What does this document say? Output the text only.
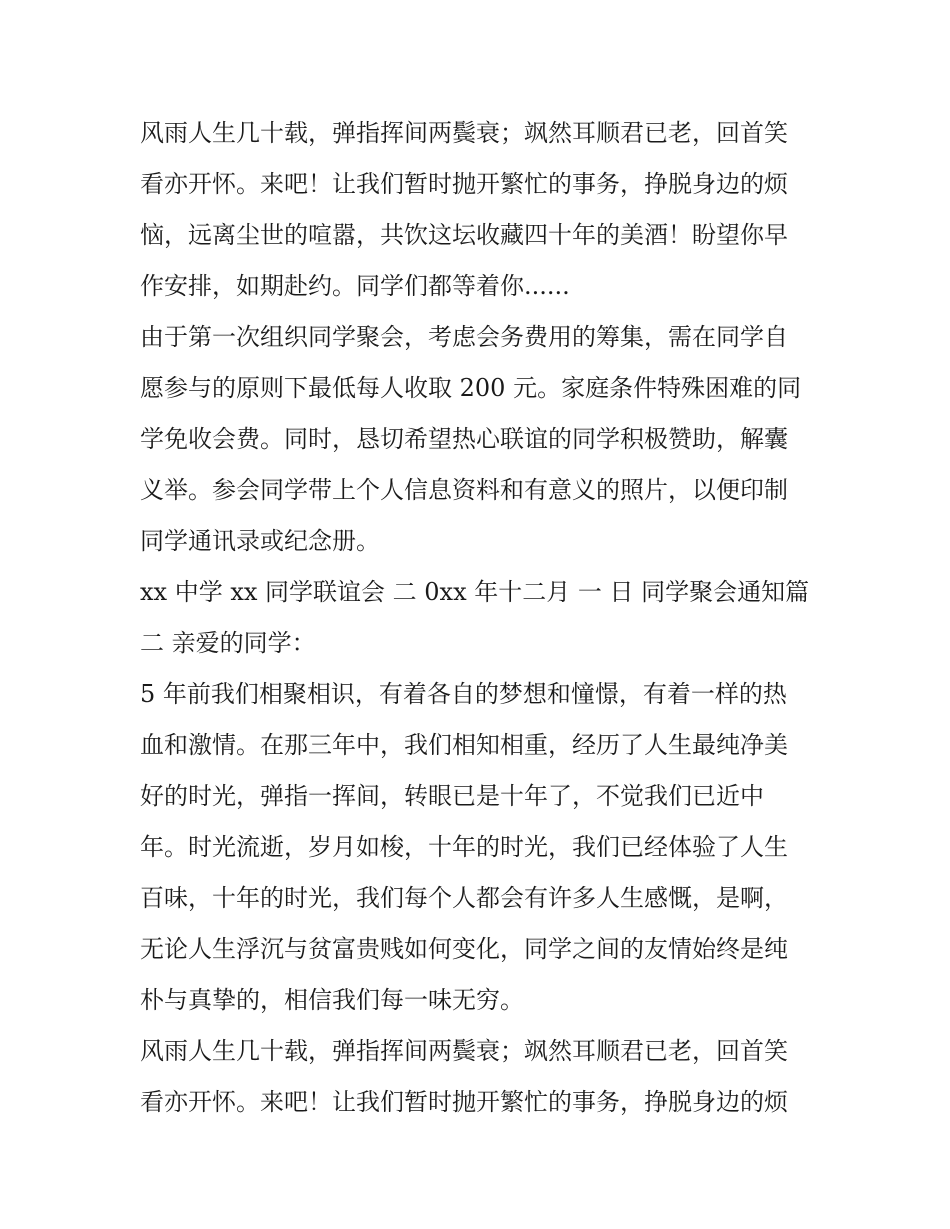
风雨人生几十载，弹指挥间两鬓衰；飒然耳顺君已老，回首笑
看亦开怀。来吧！让我们暂时抛开繁忙的事务，挣脱身边的烦
恼，远离尘世的喧嚣，共饮这坛收藏四十年的美酒！盼望你早
作安排，如期赴约。同学们都等着你......
由于第一次组织同学聚会，考虑会务费用的筹集，需在同学自
愿参与的原则下最低每人收取 200 元。家庭条件特殊困难的同
学免收会费。同时，恳切希望热心联谊的同学积极赞助，解囊
义举。参会同学带上个人信息资料和有意义的照片，以便印制
同学通讯录或纪念册。
xx 中学 xx 同学联谊会 二 0xx 年十二月 一 日 同学聚会通知篇
二 亲爱的同学：
5 年前我们相聚相识，有着各自的梦想和憧憬，有着一样的热
血和激情。在那三年中，我们相知相重，经历了人生最纯净美
好的时光，弹指一挥间，转眼已是十年了，不觉我们已近中
年。时光流逝，岁月如梭，十年的时光，我们已经体验了人生
百味，十年的时光，我们每个人都会有许多人生感慨，是啊，
无论人生浮沉与贫富贵贱如何变化，同学之间的友情始终是纯
朴与真挚的，相信我们每一味无穷。
风雨人生几十载，弹指挥间两鬓衰；飒然耳顺君已老，回首笑
看亦开怀。来吧！让我们暂时抛开繁忙的事务，挣脱身边的烦
